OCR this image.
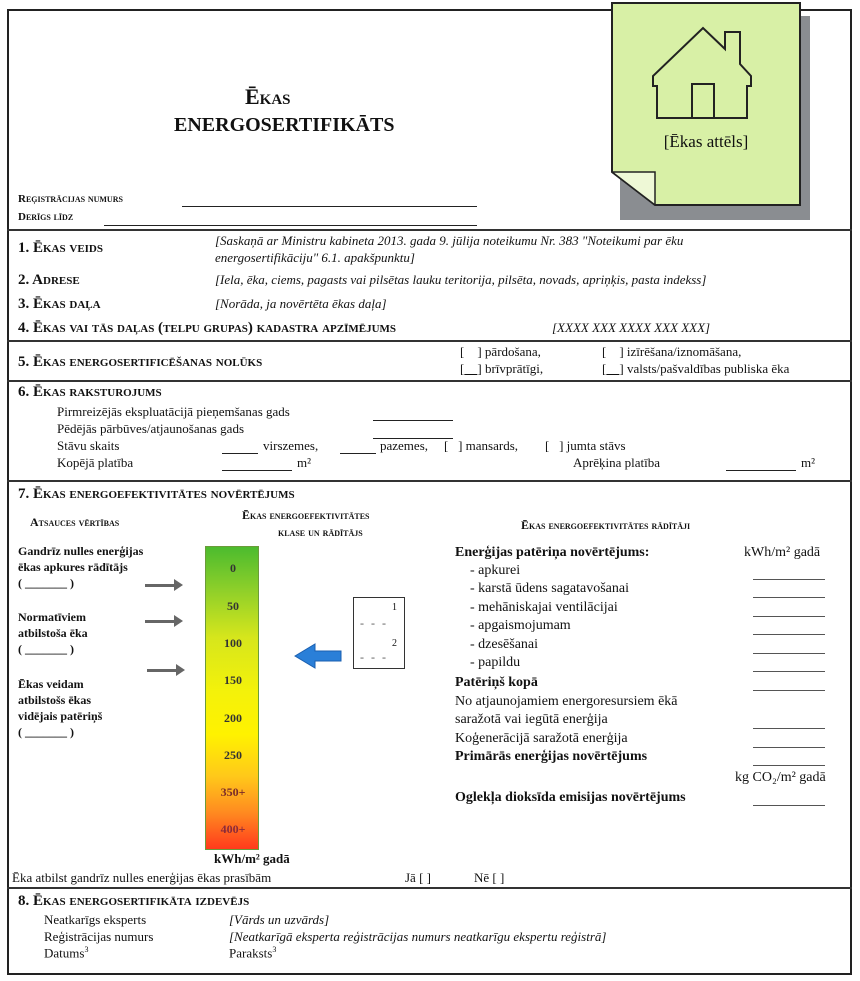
Ēkas
ENERGOSERTIFIKĀTS
Reģistrācijas numurs
Derīgs līdz
[Ēkas attēls]
1. Ēkas veids	[Saskaņā ar Ministru kabineta 2013. gada 9. jūlija noteikumu Nr. 383 "Noteikumi par ēku
energosertifikāciju" 6.1. apakšpunktu]
2. Adrese	[Iela, ēka, ciems, pagasts vai pilsētas lauku teritorija, pilsēta, novads, apriņķis, pasta indekss]
3. Ēkas daļa	[Norāda, ja novērtēta ēkas daļa]
4. Ēkas vai tās daļas (telpu grupas) kadastra apzīmējums	[XXXX XXX XXXX XXX XXX]
5. Ēkas energosertificēšanas nolūks
[    ] pārdošana,	[    ] izīrēšana/iznomāšana,
[ ] brīvprātīgi,	[ ] valsts/pašvaldības publiska ēka
6. Ēkas raksturojums
Pirmreizējās ekspluatācijā pieņemšanas gads
Pēdējās pārbūves/atjaunošanas gads
Stāvu skaits	virszemes,	pazemes, [   ] mansards, [   ] jumta stāvs
Kopējā platība	m²	Aprēķina platība	m²
7. Ēkas energoefektivitātes novērtējums
Atsauces vērtības	Ēkas energoefektivitātes
klase un rādītājs	Ēkas energoefektivitātes rādītāji
Gandrīz nulles enerģijas
ēkas apkures rādītājs
( _______ )
Normatīviem
atbilstoša ēka
( _______ )
Ēkas veidam
atbilstošs ēkas
vidējais patēriņš
( _______ )
0
50
100
150
200
250
350+
400+
kWh/m² gadā
1
- - -
2
- - -
Enerģijas patēriņa novērtējums:	kWh/m² gadā
- apkurei
- karstā ūdens sagatavošanai
- mehāniskajai ventilācijai
- apgaismojumam
- dzesēšanai
- papildu
Patēriņš kopā
No atjaunojamiem energoresursiem ēkā
saražotā vai iegūtā enerģija
Koģenerācijā saražotā enerģija
Primārās enerģijas novērtējums
kg CO₂/m² gadā
Oglekļa dioksīda emisijas novērtējums
Ēka atbilst gandrīz nulles enerģijas ēkas prasībām	Jā [ ]	Nē [ ]
8. Ēkas energosertifikāta izdevējs
Neatkarīgs eksperts	[Vārds un uzvārds]
Reģistrācijas numurs	[Neatkarīgā eksperta reģistrācijas numurs neatkarīgu ekspertu reģistrā]
Datums$^3$	Paraksts$^3$
